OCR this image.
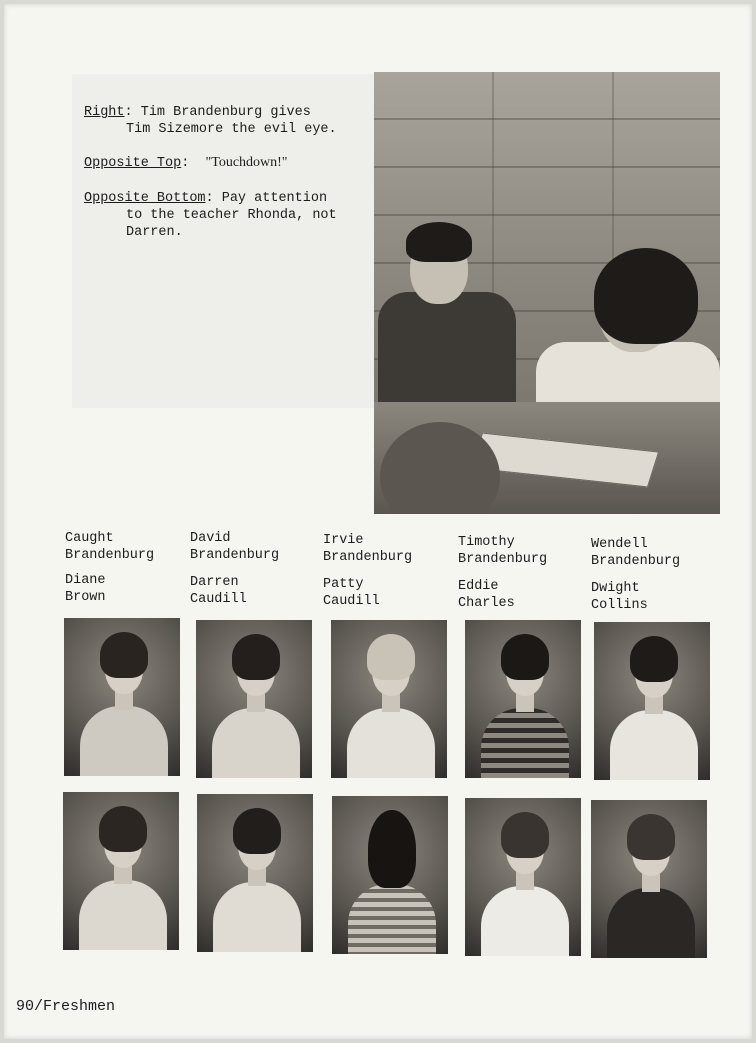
Right: Tim Brandenburg gives
Tim Sizemore the evil eye.
Opposite Top:  "Touchdown!"
Opposite Bottom: Pay attention
to the teacher Rhonda, not
Darren.
Caught
Brandenburg
David
Brandenburg
Irvie
Brandenburg
Timothy
Brandenburg
Wendell
Brandenburg
Diane
Brown
Darren
Caudill
Patty
Caudill
Eddie
Charles
Dwight
Collins
90/Freshmen
